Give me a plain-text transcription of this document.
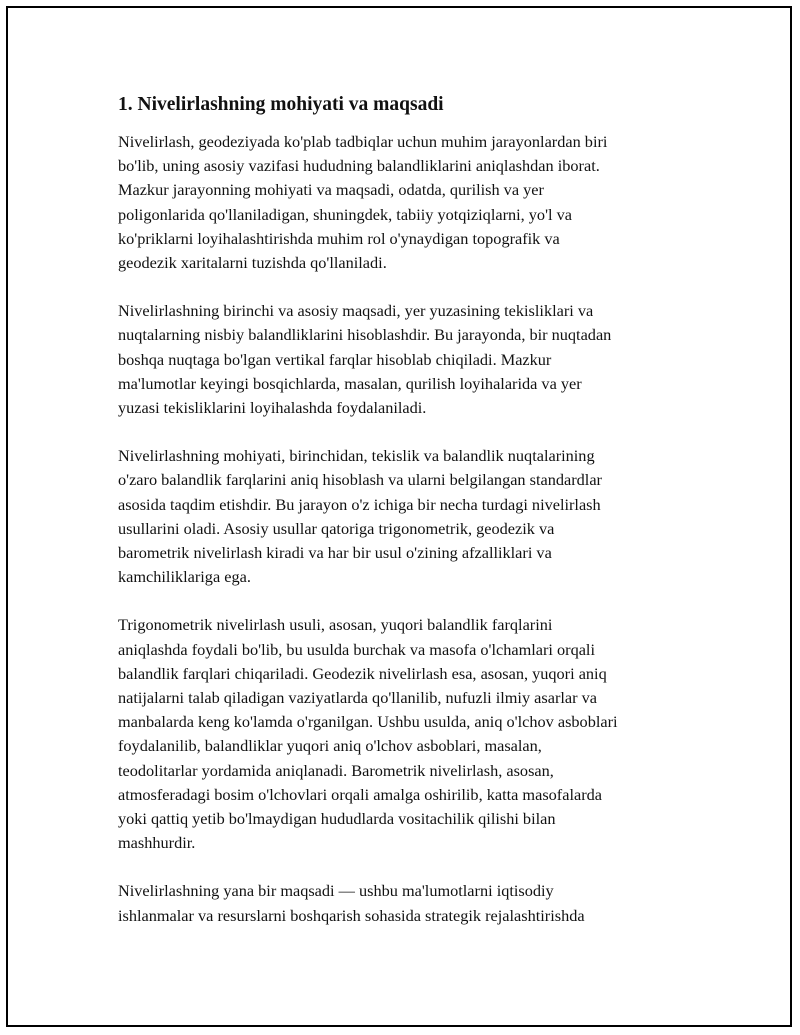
1. Nivelirlashning mohiyati va maqsadi

Nivelirlash, geodeziyada ko'plab tadbiqlar uchun muhim jarayonlardan biri
bo'lib, uning asosiy vazifasi hududning balandliklarini aniqlashdan iborat.
Mazkur jarayonning mohiyati va maqsadi, odatda, qurilish va yer
poligonlarida qo'llaniladigan, shuningdek, tabiiy yotqiziqlarni, yo'l va
ko'priklarni loyihalashtirishda muhim rol o'ynaydigan topografik va
geodezik xaritalarni tuzishda qo'llaniladi.

Nivelirlashning birinchi va asosiy maqsadi, yer yuzasining tekisliklari va
nuqtalarning nisbiy balandliklarini hisoblashdir. Bu jarayonda, bir nuqtadan
boshqa nuqtaga bo'lgan vertikal farqlar hisoblab chiqiladi. Mazkur
ma'lumotlar keyingi bosqichlarda, masalan, qurilish loyihalarida va yer
yuzasi tekisliklarini loyihalashda foydalaniladi.

Nivelirlashning mohiyati, birinchidan, tekislik va balandlik nuqtalarining
o'zaro balandlik farqlarini aniq hisoblash va ularni belgilangan standardlar
asosida taqdim etishdir. Bu jarayon o'z ichiga bir necha turdagi nivelirlash
usullarini oladi. Asosiy usullar qatoriga trigonometrik, geodezik va
barometrik nivelirlash kiradi va har bir usul o'zining afzalliklari va
kamchiliklariga ega.

Trigonometrik nivelirlash usuli, asosan, yuqori balandlik farqlarini
aniqlashda foydali bo'lib, bu usulda burchak va masofa o'lchamlari orqali
balandlik farqlari chiqariladi. Geodezik nivelirlash esa, asosan, yuqori aniq
natijalarni talab qiladigan vaziyatlarda qo'llanilib, nufuzli ilmiy asarlar va
manbalarda keng ko'lamda o'rganilgan. Ushbu usulda, aniq o'lchov asboblari
foydalanilib, balandliklar yuqori aniq o'lchov asboblari, masalan,
teodolitarlar yordamida aniqlanadi. Barometrik nivelirlash, asosan,
atmosferadagi bosim o'lchovlari orqali amalga oshirilib, katta masofalarda
yoki qattiq yetib bo'lmaydigan hududlarda vositachilik qilishi bilan
mashhurdir.

Nivelirlashning yana bir maqsadi — ushbu ma'lumotlarni iqtisodiy
ishlanmalar va resurslarni boshqarish sohasida strategik rejalashtirishda
